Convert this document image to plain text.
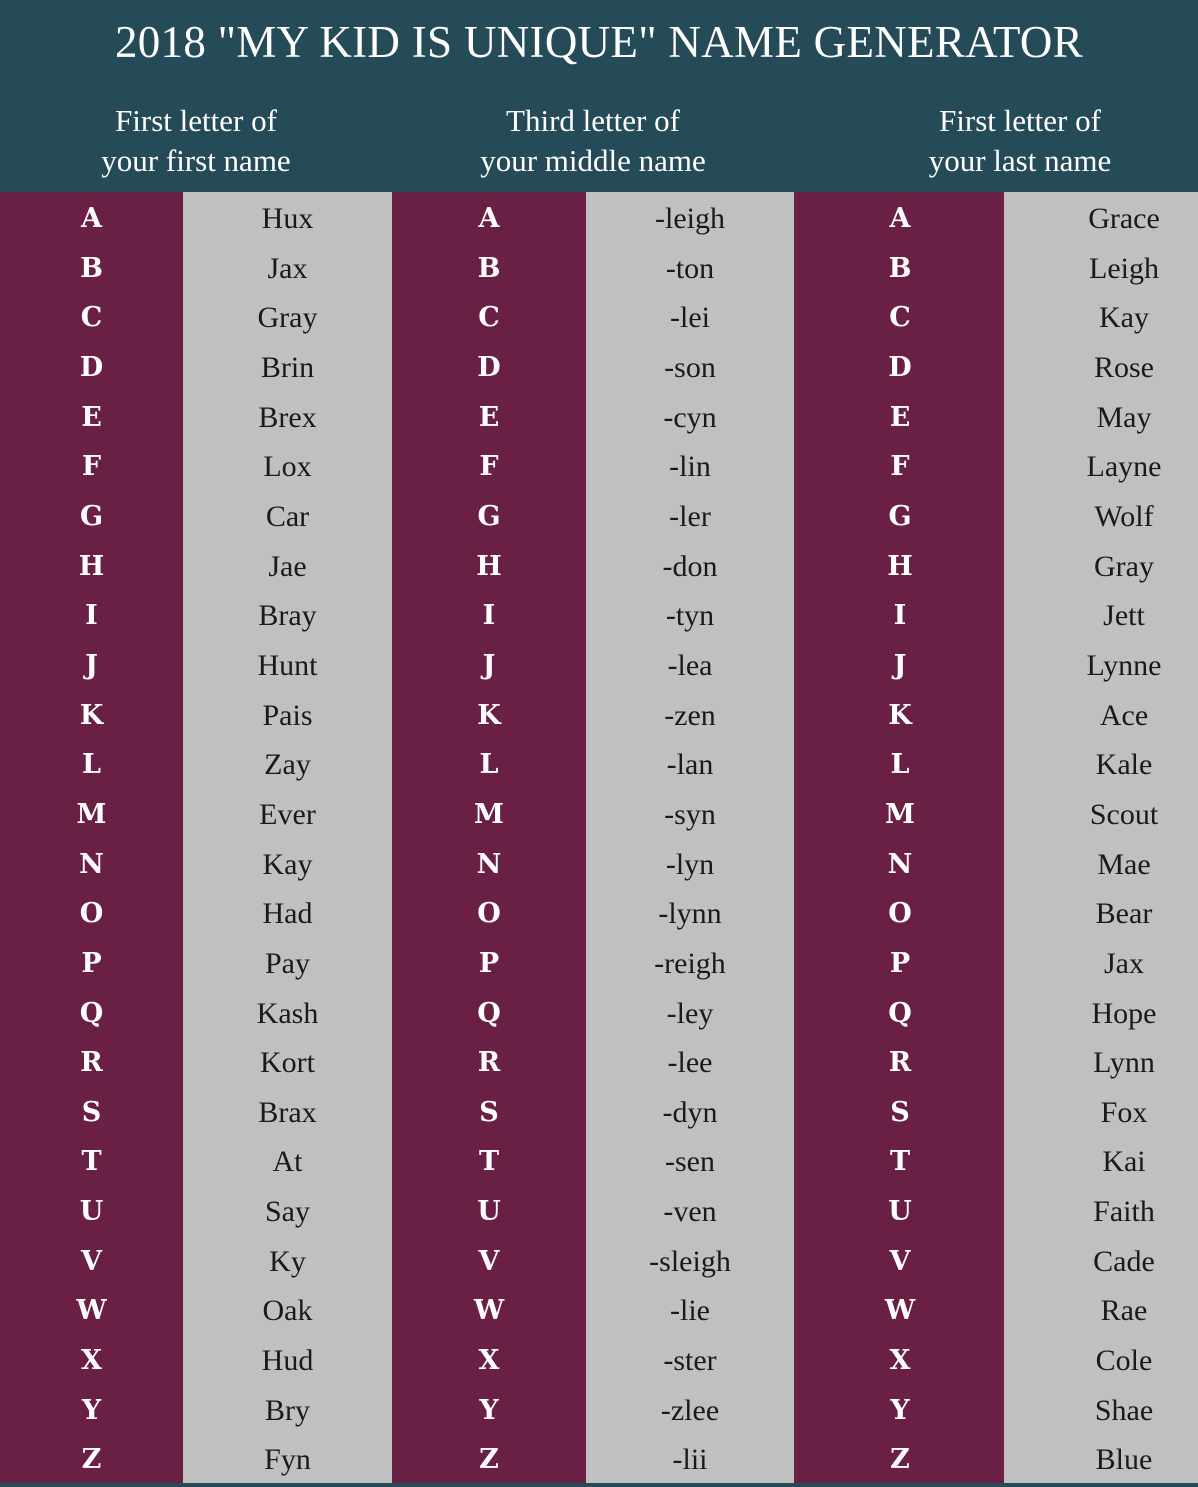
2018 "MY KID IS UNIQUE" NAME GENERATOR
First letter of
your first name
Third letter of
your middle name
First letter of
your last name
A
B
C
D
E
F
G
H
I
J
K
L
M
N
O
P
Q
R
S
T
U
V
W
X
Y
Z
Hux
Jax
Gray
Brin
Brex
Lox
Car
Jae
Bray
Hunt
Pais
Zay
Ever
Kay
Had
Pay
Kash
Kort
Brax
At
Say
Ky
Oak
Hud
Bry
Fyn
A
B
C
D
E
F
G
H
I
J
K
L
M
N
O
P
Q
R
S
T
U
V
W
X
Y
Z
-leigh
-ton
-lei
-son
-cyn
-lin
-ler
-don
-tyn
-lea
-zen
-lan
-syn
-lyn
-lynn
-reigh
-ley
-lee
-dyn
-sen
-ven
-sleigh
-lie
-ster
-zlee
-lii
A
B
C
D
E
F
G
H
I
J
K
L
M
N
O
P
Q
R
S
T
U
V
W
X
Y
Z
Grace
Leigh
Kay
Rose
May
Layne
Wolf
Gray
Jett
Lynne
Ace
Kale
Scout
Mae
Bear
Jax
Hope
Lynn
Fox
Kai
Faith
Cade
Rae
Cole
Shae
Blue
